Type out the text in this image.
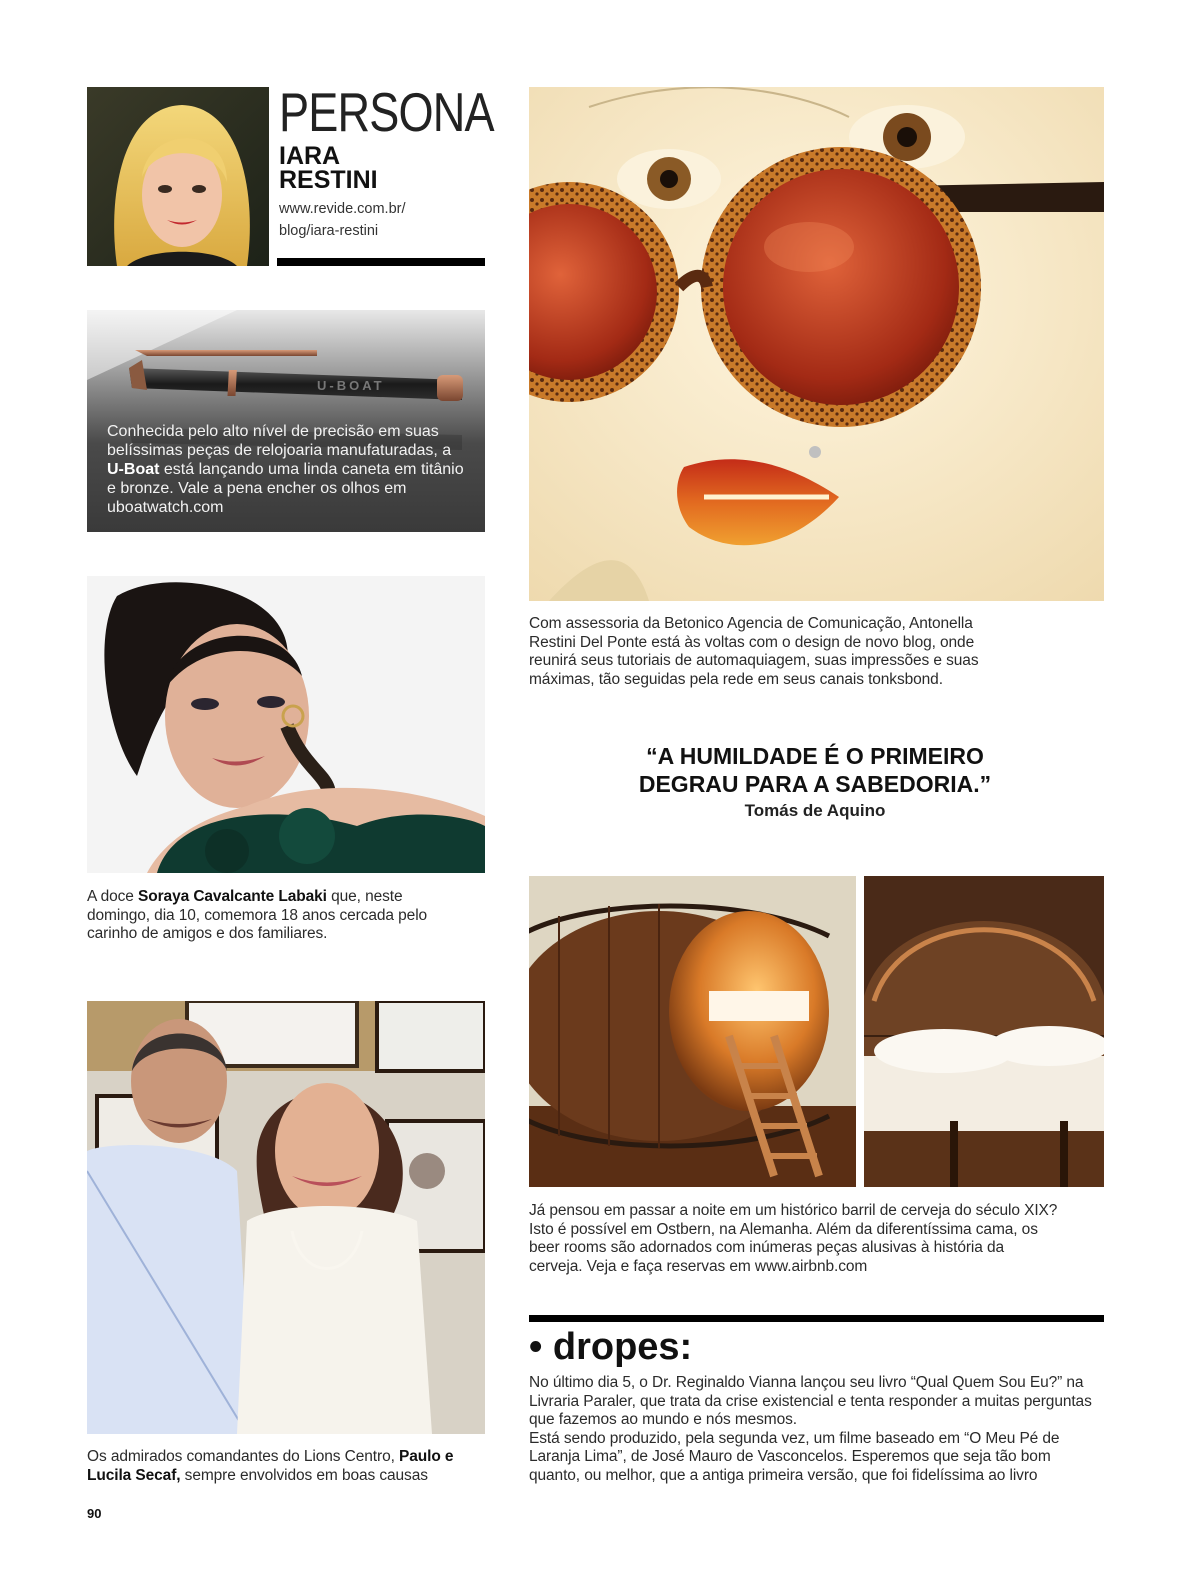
PERSONA
IARA
RESTINI
www.revide.com.br/
blog/iara-restini
U-BOAT
Conhecida pelo alto nível de precisão em suas belíssimas peças de relojoaria manufaturadas, a U-Boat está lançando uma linda caneta em titânio e bronze. Vale a pena encher os olhos em uboatwatch.com
A doce Soraya Cavalcante Labaki que, neste domingo, dia 10, comemora 18 anos cercada pelo carinho de amigos e dos familiares.
Os admirados comandantes do Lions Centro, Paulo e Lucila Secaf, sempre envolvidos em boas causas
Com assessoria da Betonico Agencia de Comunicação, Antonella Restini Del Ponte está às voltas com o design de novo blog, onde reunirá seus tutoriais de automaquiagem, suas impressões e suas máximas, tão seguidas pela rede em seus canais tonksbond.
“A HUMILDADE É O PRIMEIRO
DEGRAU PARA A SABEDORIA.”
Tomás de Aquino
Já pensou em passar a noite em um histórico barril de cerveja do século XIX? Isto é possível em Ostbern, na Alemanha. Além da diferentíssima cama, os beer rooms são adornados com inúmeras peças alusivas à história da cerveja. Veja e faça reservas em www.airbnb.com
• dropes:
No último dia 5, o Dr. Reginaldo Vianna lançou seu livro “Qual Quem Sou Eu?” na Livraria Paraler, que trata da crise existencial e tenta responder a muitas perguntas que fazemos ao mundo e nós mesmos.
Está sendo produzido, pela segunda vez, um filme baseado em “O Meu Pé de Laranja Lima”, de José Mauro de Vasconcelos. Esperemos que seja tão bom quanto, ou melhor, que a antiga primeira versão, que foi fidelíssima ao livro
90
